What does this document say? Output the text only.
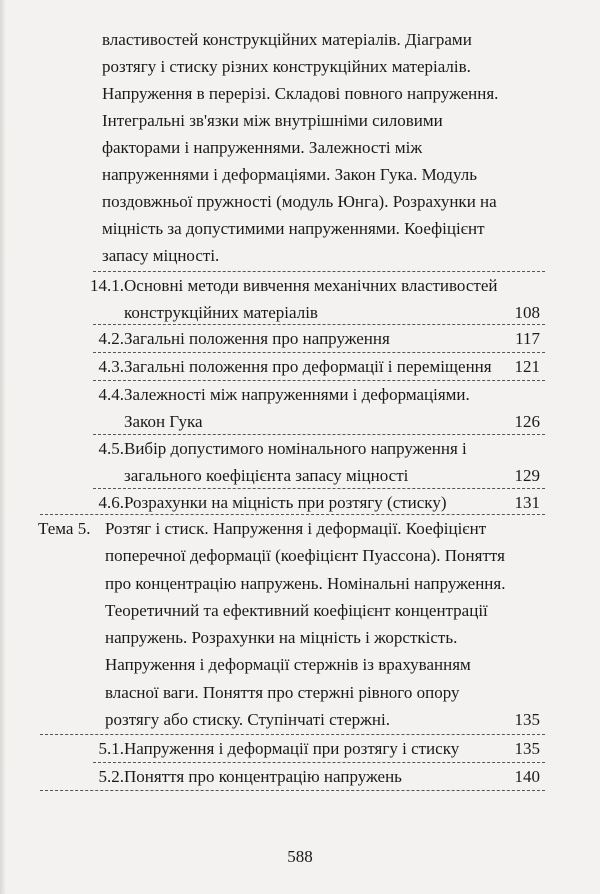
властивостей конструкційних матеріалів. Діаграми
розтягу і стиску різних конструкційних матеріалів.
Напруження в перерізі. Складові повного напруження.
Інтегральні зв'язки між внутрішніми силовими
факторами і напруженнями. Залежності між
напруженнями і деформаціями. Закон Гука. Модуль
поздовжньої пружності (модуль Юнга). Розрахунки на
міцність за допустимими напруженнями. Коефіцієнт
запасу міцності.
14.1. Основні методи вивчення механічних властивостей
конструкційних матеріалів	108
4.2. Загальні положення про напруження	117
4.3. Загальні положення про деформації і переміщення	121
4.4. Залежності між напруженнями і деформаціями.
Закон Гука	126
4.5. Вибір допустимого номінального напруження і
загального коефіцієнта запасу міцності	129
4.6. Розрахунки на міцність при розтягу (стиску)	131
Тема 5. Розтяг і стиск. Напруження і деформації. Коефіцієнт
поперечної деформації (коефіцієнт Пуассона). Поняття
про концентрацію напружень. Номінальні напруження.
Теоретичний та ефективний коефіцієнт концентрації
напружень. Розрахунки на міцність і жорсткість.
Напруження і деформації стержнів із врахуванням
власної ваги. Поняття про стержні рівного опору
розтягу або стиску. Ступінчаті стержні.	135
5.1. Напруження і деформації при розтягу і стиску	135
5.2. Поняття про концентрацію напружень	140
588
